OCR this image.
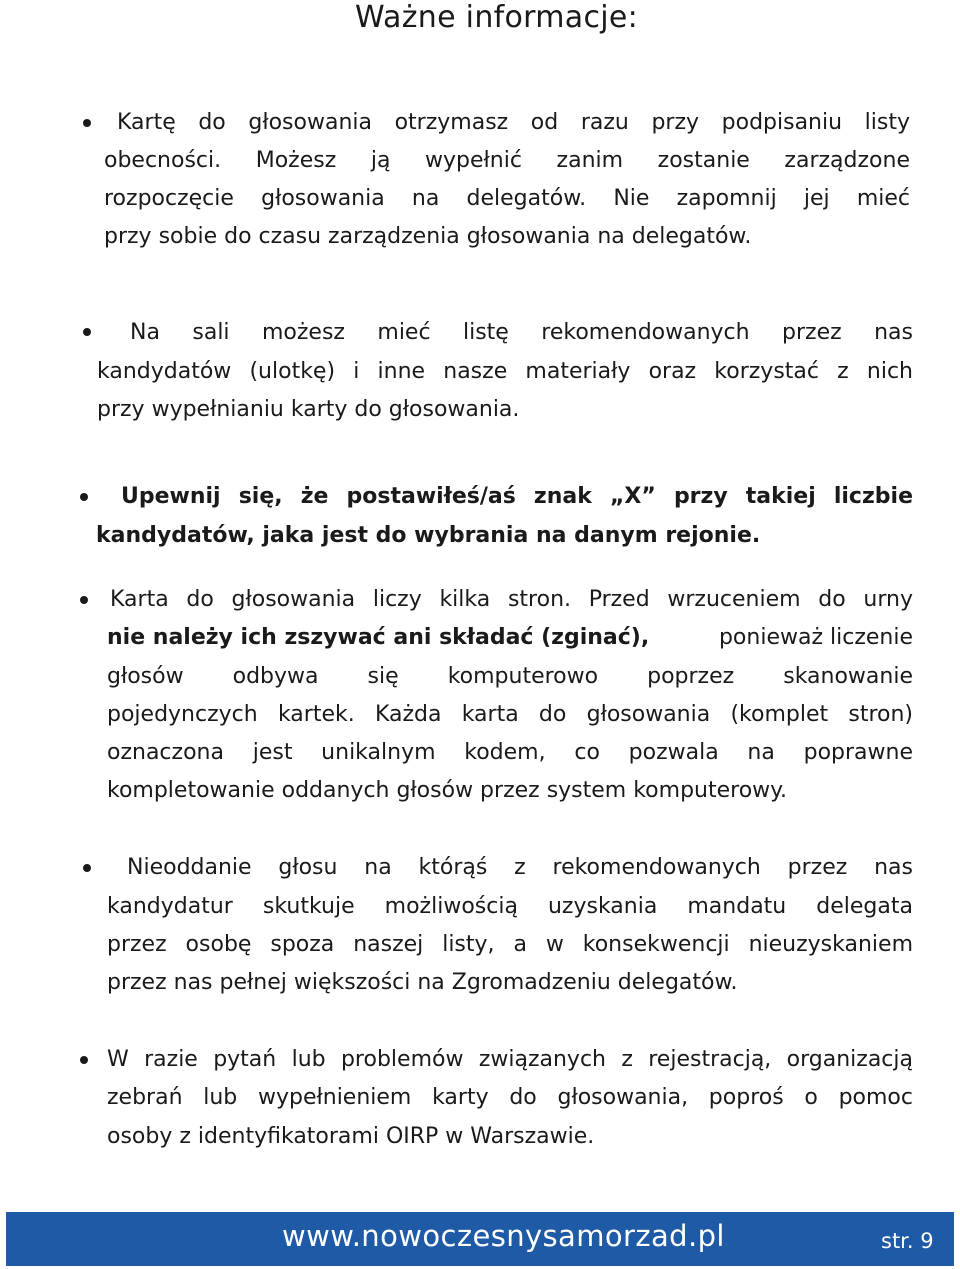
Ważne informacje:
Kartę do głosowania otrzymasz od razu przy podpisaniu listy
obecności. Możesz ją wypełnić zanim zostanie zarządzone
rozpoczęcie głosowania na delegatów. Nie zapomnij jej mieć
przy sobie do czasu zarządzenia głosowania na delegatów.
Na sali możesz mieć listę rekomendowanych przez nas
kandydatów (ulotkę) i inne nasze materiały oraz korzystać z nich
przy wypełnianiu karty do głosowania.
Upewnij się, że postawiłeś/aś znak „X” przy takiej liczbie
kandydatów, jaka jest do wybrania na danym rejonie.
Karta do głosowania liczy kilka stron. Przed wrzuceniem do urny
nie należy ich zszywać ani składać (zginać),	ponieważ liczenie
głosów odbywa się komputerowo poprzez skanowanie
pojedynczych kartek. Każda karta do głosowania (komplet stron)
oznaczona jest unikalnym kodem, co pozwala na poprawne
kompletowanie oddanych głosów przez system komputerowy.
Nieoddanie głosu na którąś z rekomendowanych przez nas
kandydatur skutkuje możliwością uzyskania mandatu delegata
przez osobę spoza naszej listy, a w konsekwencji nieuzyskaniem
przez nas pełnej większości na Zgromadzeniu delegatów.
W razie pytań lub problemów związanych z rejestracją, organizacją
zebrań lub wypełnieniem karty do głosowania, poproś o pomoc
osoby z identyfikatorami OIRP w Warszawie.
www.nowoczesnysamorzad.pl	str. 9
